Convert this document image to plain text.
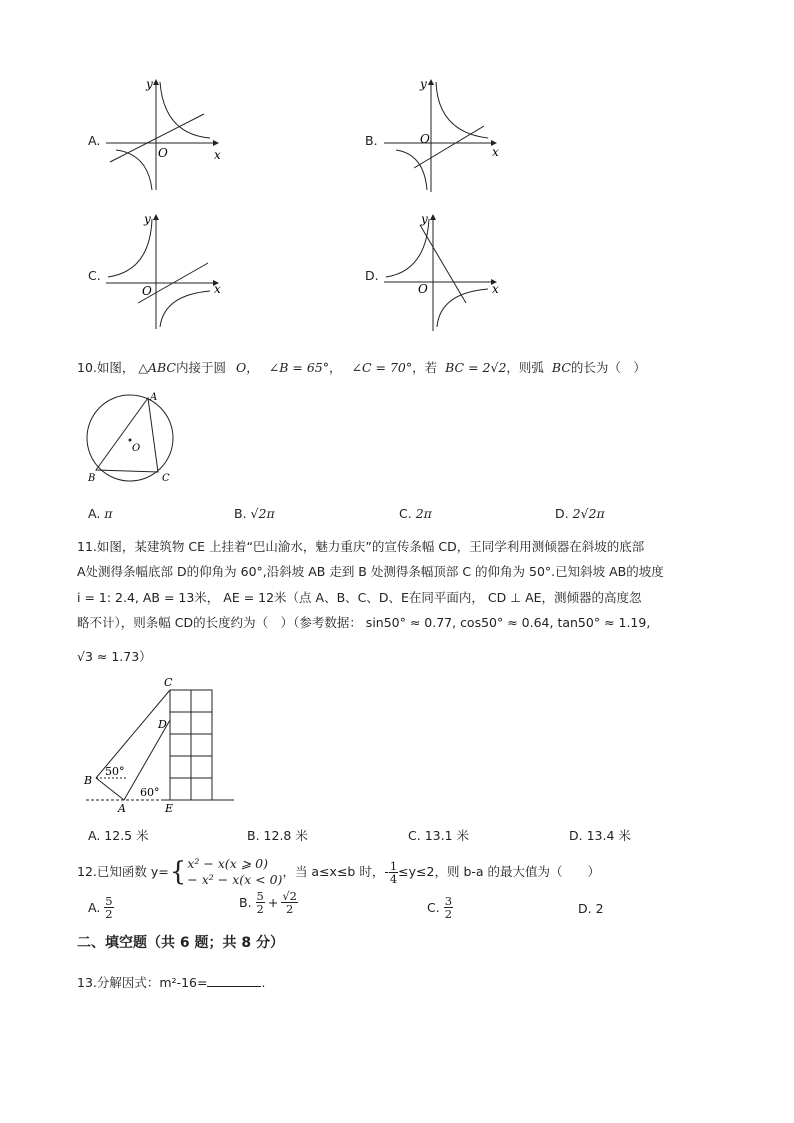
A.
y
O	x
B.
y
O
x
C.
y
O	x
D.
y
O	x
10.如图， △ABC内接于圆 O， ∠B = 65°， ∠C = 70°，若 BC = 2√2，则弧 BC的长为（　）
A
B	C
O
A. π	B. √2π	C. 2π	D. 2√2π
11.如图，某建筑物 CE 上挂着“巴山渝水，魅力重庆”的宣传条幅 CD，王同学利用测倾器在斜坡的底部
A处测得条幅底部 D的仰角为 60°,沿斜坡 AB 走到 B 处测得条幅顶部 C 的仰角为 50°.已知斜坡 AB的坡度
i = 1: 2.4, AB = 13米， AE = 12米（点 A、B、C、D、E在同平面内， CD ⊥ AE，测倾器的高度忽
略不计），则条幅 CD的长度约为（　）（参考数据： sin50° ≈ 0.77, cos50° ≈ 0.64, tan50° ≈ 1.19,
√3 ≈ 1.73）
C
D
B
A	E
50°
60°
A. 12.5 米	B. 12.8 米	C. 13.1 米	D. 13.4 米
12.已知函数 y= { x² − x(x ⩾ 0)
− x² − x(x < 0)
，当 a≤x≤b 时，- $\frac{1}{4} \le y\le 2$，则 b-a 的最大值为（　　）
A.
$\frac{5}{2}$	B.
$\frac{5}{2} + \frac{√2}{2}$	C.
$\frac{3}{2}$	D. 2
二、填空题（共 6 题；共 8 分）
13.分解因式：m²-16=	.
